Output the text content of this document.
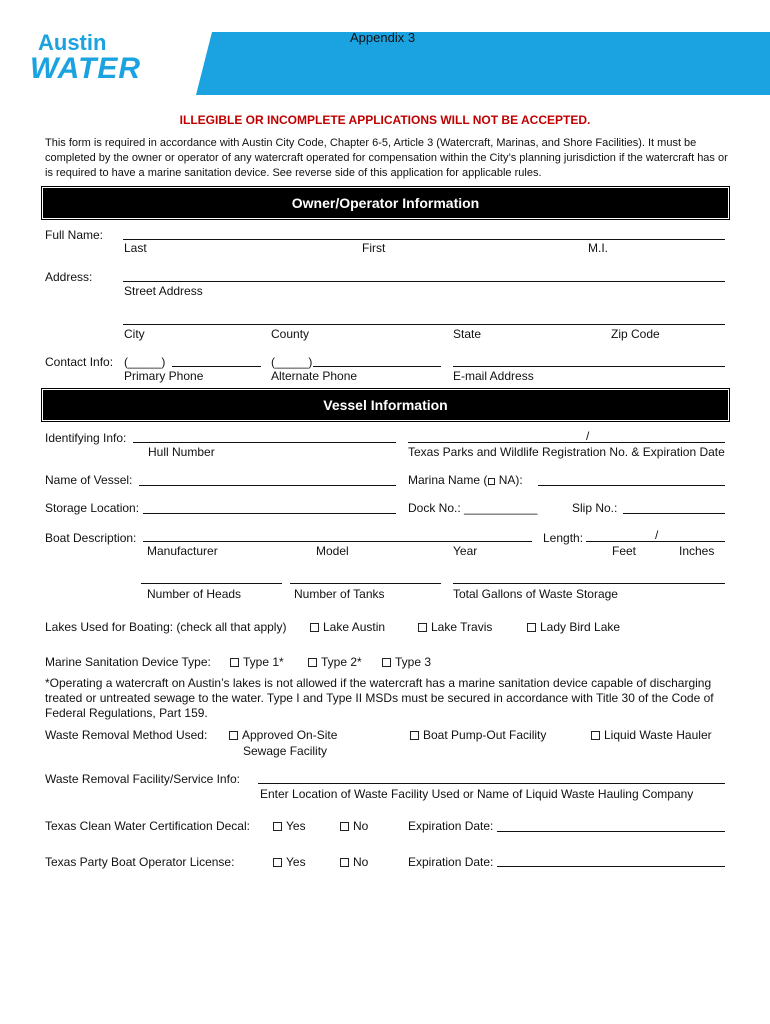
Austin
WATER
Appendix 3
ILLEGIBLE OR INCOMPLETE APPLICATIONS WILL NOT BE ACCEPTED.
This form is required in accordance with Austin City Code, Chapter 6-5, Article 3 (Watercraft, Marinas, and Shore Facilities). It must be completed by the owner or operator of any watercraft operated for compensation within the City’s planning jurisdiction if the watercraft has or is required to have a marine sanitation device. See reverse side of this application for applicable rules.
Owner/Operator Information
Full Name:
Last	First	M.I.
Address:
Street Address
City	County	State	Zip Code
Contact Info: (_____)	(_____)
Primary Phone	Alternate Phone	E-mail Address
Vessel Information
Identifying Info:	/
Hull Number	Texas Parks and Wildlife Registration No. & Expiration Date
Name of Vessel:	Marina Name ( NA):
Storage Location:	Dock No.: ___________	Slip No.:
Boat Description:	Length:	/
Manufacturer	Model	Year	Feet	Inches
Number of Heads	Number of Tanks	Total Gallons of Waste Storage
Lakes Used for Boating: (check all that apply)	Lake Austin	Lake Travis	Lady Bird Lake
Marine Sanitation Device Type:	Type 1*	Type 2*	Type 3
*Operating a watercraft on Austin’s lakes is not allowed if the watercraft has a marine sanitation device capable of discharging treated or untreated sewage to the water. Type I and Type II MSDs must be secured in accordance with Title 30 of the Code of Federal Regulations, Part 159.
Waste Removal Method Used:	Approved On-Site
Sewage Facility
Boat Pump-Out Facility	Liquid Waste Hauler
Waste Removal Facility/Service Info:
Enter Location of Waste Facility Used or Name of Liquid Waste Hauling Company
Texas Clean Water Certification Decal:	Yes	No	Expiration Date:
Texas Party Boat Operator License:	Yes	No	Expiration Date:
